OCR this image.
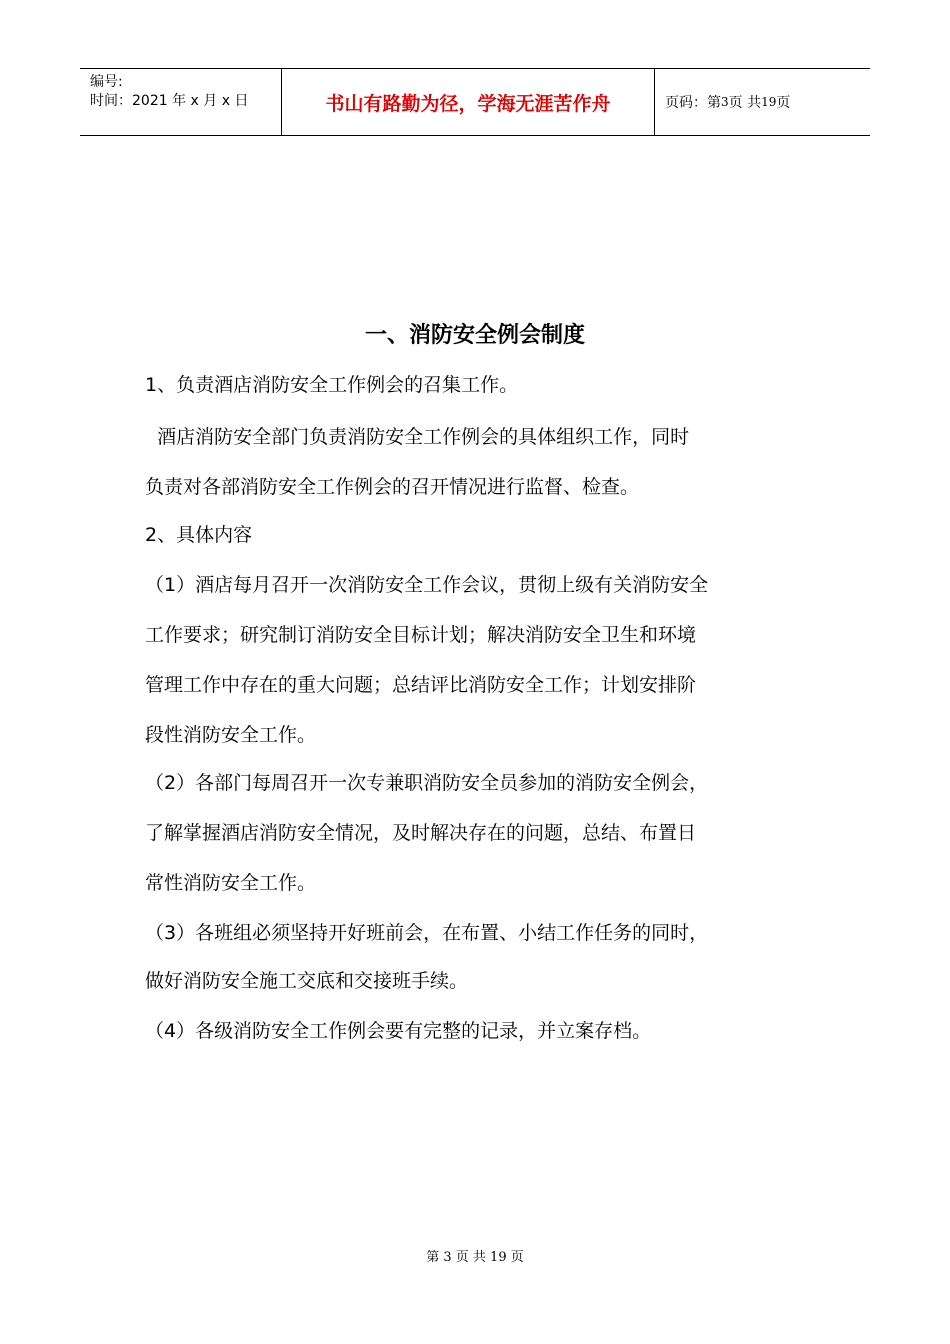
编号:
时间：2021 年 x 月 x 日	书山有路勤为径，学海无涯苦作舟	页码：第 3 页 共 19 页
一、消防安全例会制度
1、负责酒店消防安全工作例会的召集工作。
酒店消防安全部门负责消防安全工作例会的具体组织工作，同时
负责对各部消防安全工作例会的召开情况进行监督、检查。
2、具体内容
（1）酒店每月召开一次消防安全工作会议，贯彻上级有关消防安全
工作要求；研究制订消防安全目标计划；解决消防安全卫生和环境
管理工作中存在的重大问题；总结评比消防安全工作；计划安排阶
段性消防安全工作。
（2）各部门每周召开一次专兼职消防安全员参加的消防安全例会，
了解掌握酒店消防安全情况，及时解决存在的问题，总结、布置日
常性消防安全工作。
（3）各班组必须坚持开好班前会，在布置、小结工作任务的同时，
做好消防安全施工交底和交接班手续。
（4）各级消防安全工作例会要有完整的记录，并立案存档。
第 3 页 共 19 页
